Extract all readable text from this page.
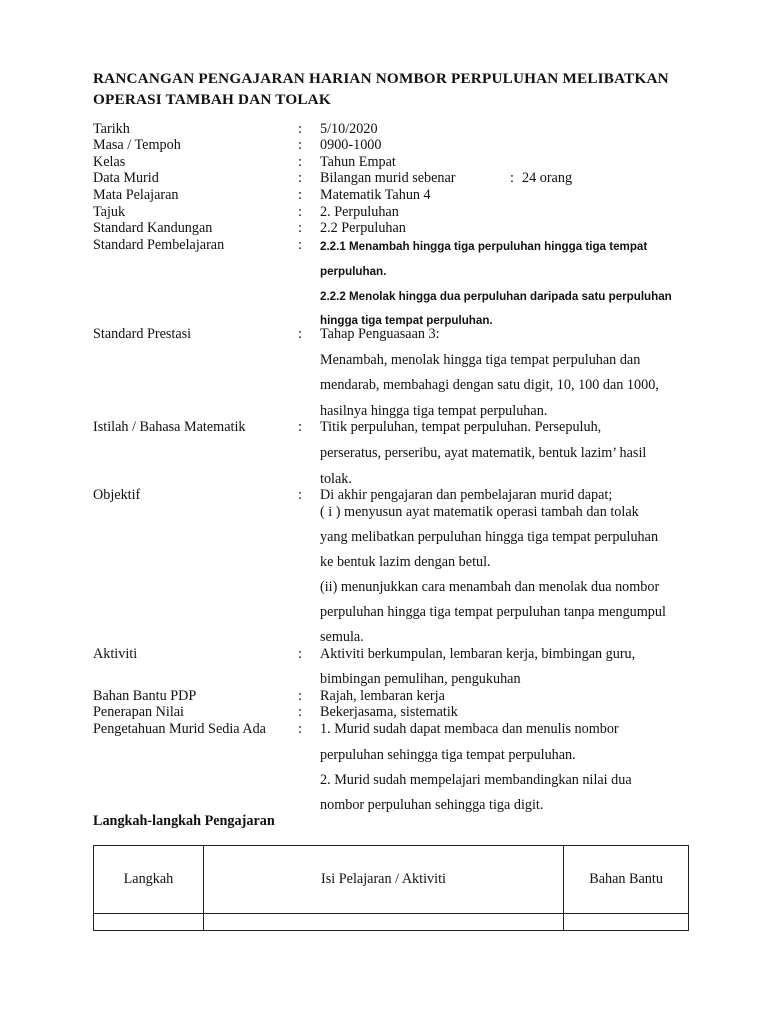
RANCANGAN PENGAJARAN HARIAN NOMBOR PERPULUHAN MELIBATKAN
OPERASI TAMBAH DAN TOLAK
Tarikh	: 5/10/2020
Masa / Tempoh	: 0900-1000
Kelas	: Tahun Empat
Data Murid	: Bilangan murid sebenar	: 24 orang
Mata Pelajaran	: Matematik Tahun 4
Tajuk	: 2. Perpuluhan
Standard Kandungan	: 2.2 Perpuluhan
Standard Pembelajaran	: 2.2.1 Menambah hingga tiga perpuluhan hingga tiga tempat
perpuluhan.
2.2.2 Menolak hingga dua perpuluhan daripada satu perpuluhan
hingga tiga tempat perpuluhan.
Standard Prestasi	: Tahap Penguasaan 3:
Menambah, menolak hingga tiga tempat perpuluhan dan
mendarab, membahagi dengan satu digit, 10, 100 dan 1000,
hasilnya hingga tiga tempat perpuluhan.
Istilah / Bahasa Matematik	: Titik perpuluhan, tempat perpuluhan. Persepuluh,
perseratus, perseribu, ayat matematik, bentuk lazim’ hasil
tolak.
Objektif	: Di akhir pengajaran dan pembelajaran murid dapat;
( i ) menyusun ayat matematik operasi tambah dan tolak
yang melibatkan perpuluhan hingga tiga tempat perpuluhan
ke bentuk lazim dengan betul.
(ii) menunjukkan cara menambah dan menolak dua nombor
perpuluhan hingga tiga tempat perpuluhan tanpa mengumpul
semula.
Aktiviti	: Aktiviti berkumpulan, lembaran kerja, bimbingan guru,
bimbingan pemulihan, pengukuhan
Bahan Bantu PDP	: Rajah, lembaran kerja
Penerapan Nilai	: Bekerjasama, sistematik
Pengetahuan Murid Sedia Ada : 1. Murid sudah dapat membaca dan menulis nombor
perpuluhan sehingga tiga tempat perpuluhan.
2. Murid sudah mempelajari membandingkan nilai dua
nombor perpuluhan sehingga tiga digit.
Langkah-langkah Pengajaran
Langkah	Isi Pelajaran / Aktiviti	Bahan Bantu
